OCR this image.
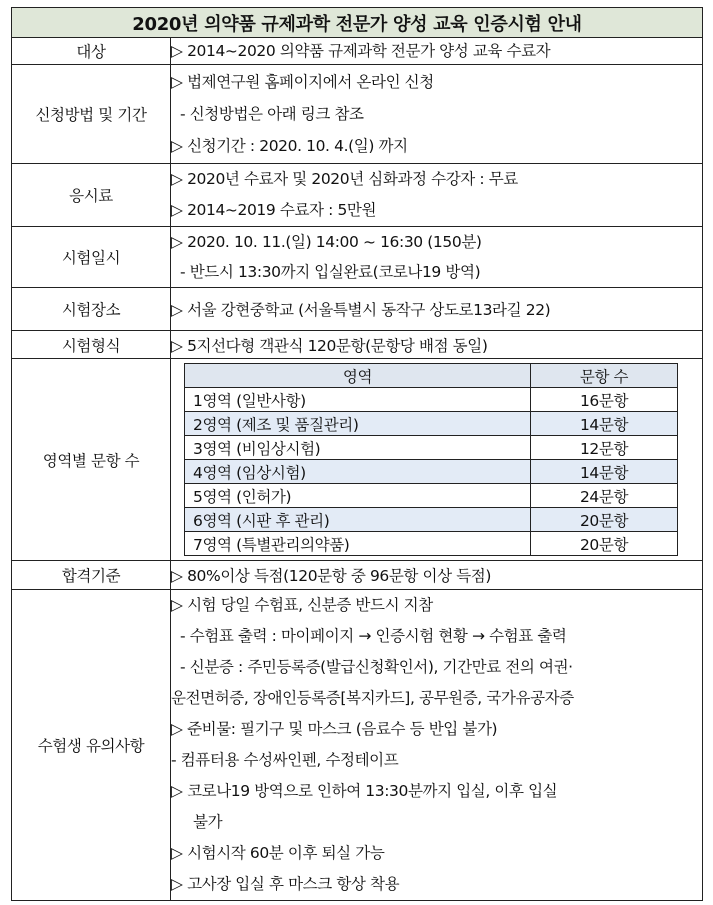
2020년 의약품 규제과학 전문가 양성 교육 인증시험 안내
대상	
▷2014~2020 의약품 규제과학 전문가 양성 교육 수료자

신청방법 및 기간	
▷ 법제연구원 홈페이지에서 온라인 신청
- 신청방법은 아래 링크 참조
▷ 신청기간 : 2020. 10. 4.(일) 까지

응시료	
▷ 2020년 수료자 및 2020년 심화과정 수강자 : 무료
▷ 2014~2019 수료자 : 5만원

시험일시	
▷ 2020. 10. 11.(일) 14:00 ~ 16:30 (150분)
- 반드시 13:30까지 입실완료(코로나19 방역)

시험장소	
▷서울 강현중학교 (서울특별시 동작구 상도로13라길 22)

시험형식	
▷5지선다형 객관식 120문항(문항당 배점 동일)

영역별 문항 수	
영역	문항 수
1영역 (일반사항)	16문항
2영역 (제조 및 품질관리)	14문항
3영역 (비임상시험)	12문항
4영역 (임상시험)	14문항
5영역 (인허가)	24문항
6영역 (시판 후 관리)	20문항
7영역 (특별관리의약품)	20문항

합격기준	
▷80%이상 득점(120문항 중 96문항 이상 득점)

수험생 유의사항	
▷ 시험 당일 수험표, 신분증 반드시 지참
- 수험표 출력 : 마이페이지 → 인증시험 현황 → 수험표 출력
- 신분증 : 주민등록증(발급신청확인서), 기간만료 전의 여권·
운전면허증, 장애인등록증[복지카드], 공무원증, 국가유공자증
▷ 준비물: 필기구 및 마스크 (음료수 등 반입 불가)
- 컴퓨터용 수성싸인펜, 수정테이프
▷ 코로나19 방역으로 인하여 13:30분까지 입실, 이후 입실
불가
▷ 시험시작 60분 이후 퇴실 가능
▷ 고사장 입실 후 마스크 항상 착용
